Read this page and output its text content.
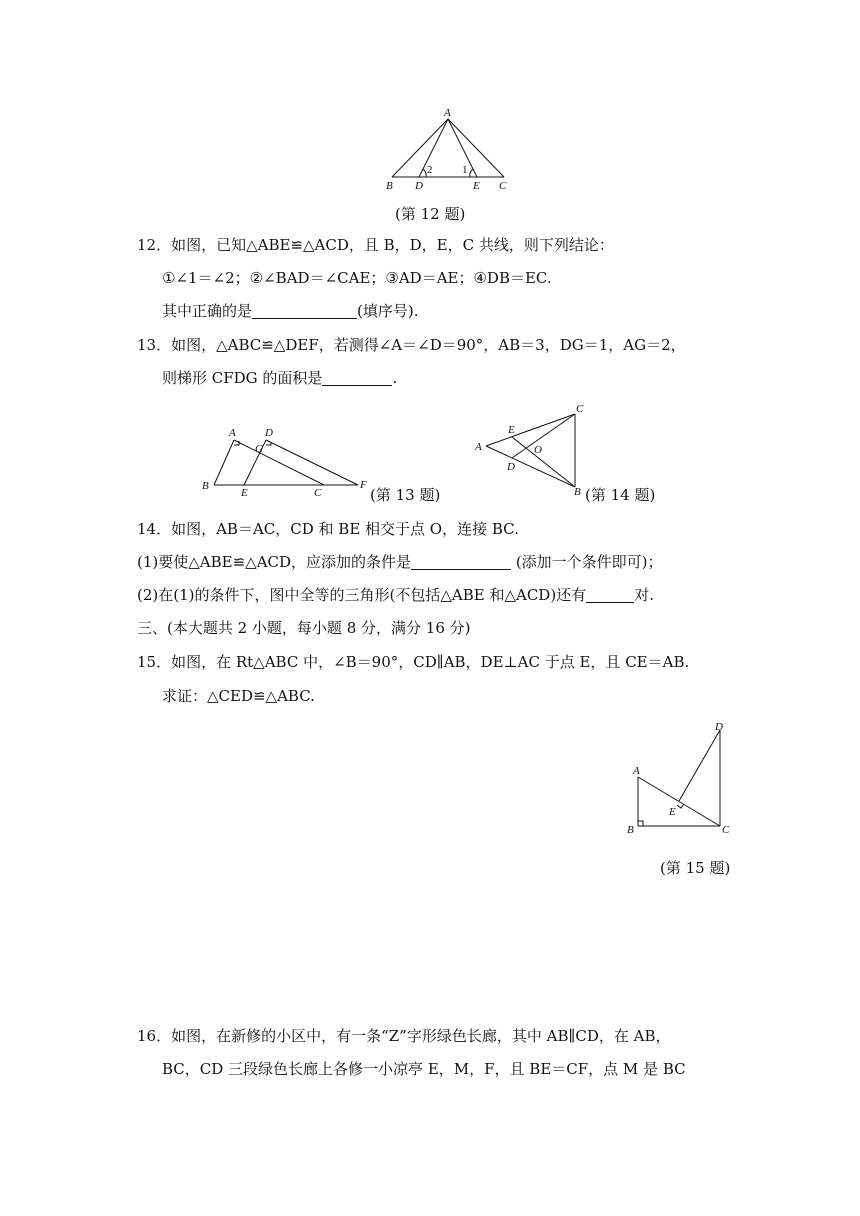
A
B D	E C
2	1
(第 12 题)
12．如图，已知△ABE≌△ACD，且 B，D，E，C 共线，则下列结论：
①∠1＝∠2；②∠BAD＝∠CAE；③AD＝AE；④DB＝EC.
其中正确的是	(填序号).
13．如图，△ABC≌△DEF，若测得∠A＝∠D＝90°，AB＝3，DG＝1，AG＝2，
则梯形 CFDG 的面积是	.
A	D
G
B
E	C
F
(第 13 题)
C
E
A	O
D
B (第 14 题)
14．如图，AB＝AC，CD 和 BE 相交于点 O，连接 BC.
(1)要使△ABE≌△ACD，应添加的条件是	(添加一个条件即可)；
(2)在(1)的条件下，图中全等的三角形(不包括△ABE 和△ACD)还有	对.
三、(本大题共 2 小题，每小题 8 分，满分 16 分)
15．如图，在 Rt△ABC 中，∠B＝90°，CD∥AB，DE⊥AC 于点 E，且 CE＝AB.
求证：△CED≌△ABC.
D
A
E
B	C
(第 15 题)
16．如图，在新修的小区中，有一条“Z”字形绿色长廊，其中 AB∥CD，在 AB，
BC，CD 三段绿色长廊上各修一小凉亭 E，M，F，且 BE＝CF，点 M 是 BC
